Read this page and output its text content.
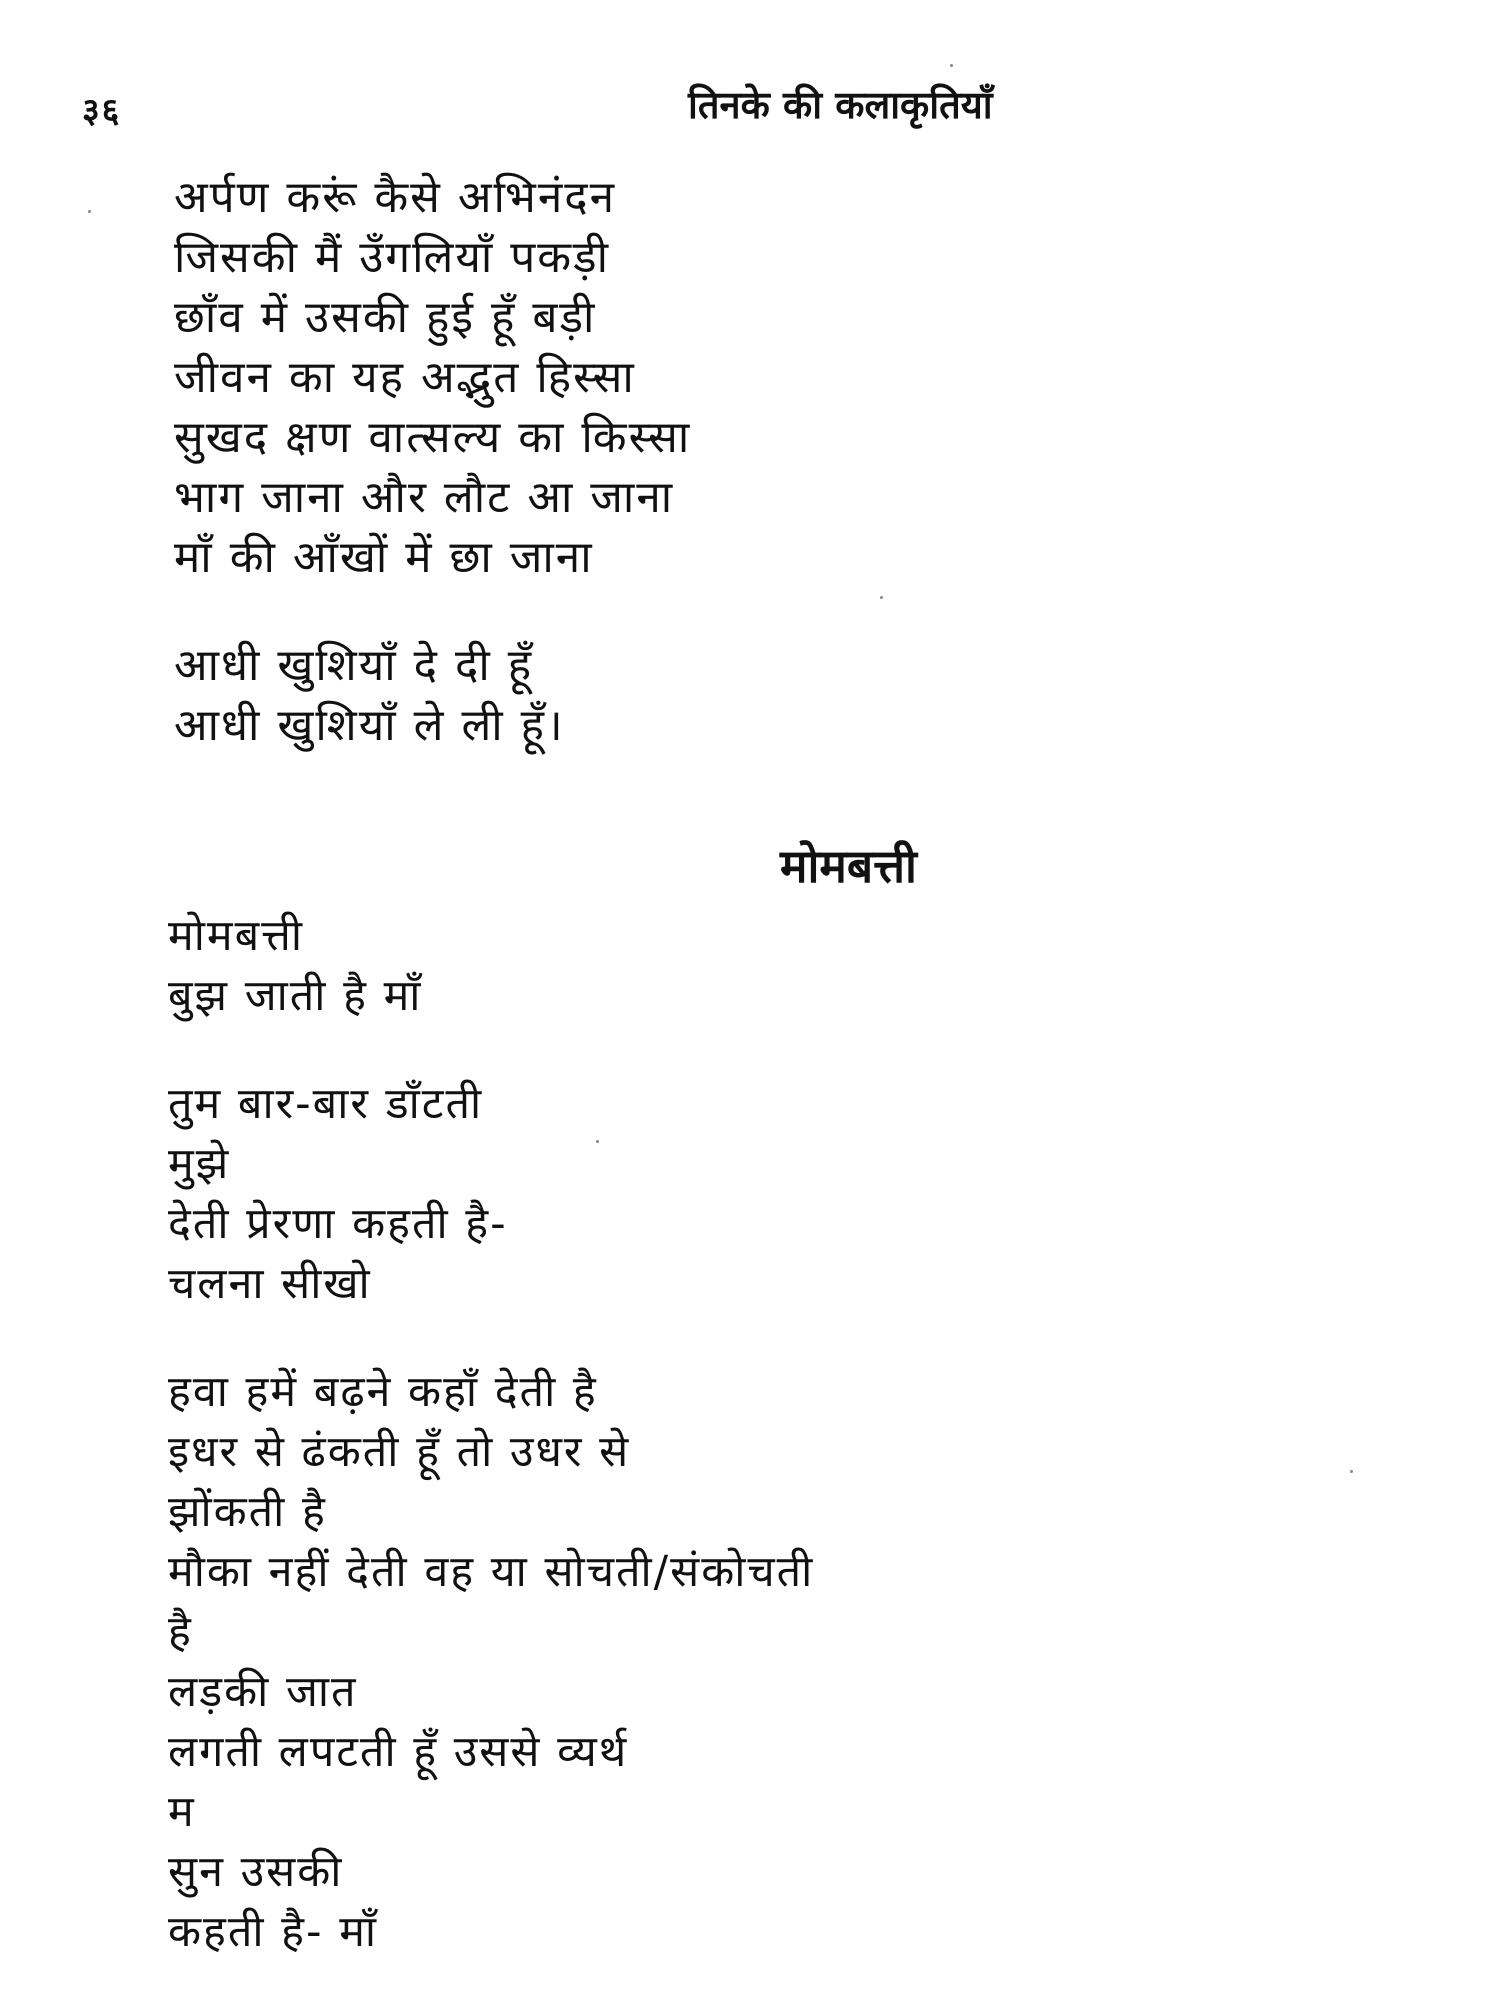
३६	तिनके की कलाकृतियाँ
अर्पण करूं कैसे अभिनंदन
जिसकी मैं उँगलियाँ पकड़ी
छाँव में उसकी हुई हूँ बड़ी
जीवन का यह अद्भुत हिस्सा
सुखद क्षण वात्सल्य का किस्सा
भाग जाना और लौट आ जाना
माँ की आँखों में छा जाना
आधी खुशियाँ दे दी हूँ
आधी खुशियाँ ले ली हूँ।
मोमबत्ती
मोमबत्ती
बुझ जाती है माँ
तुम बार-बार डाँटती
मुझे
देती प्रेरणा कहती है-
चलना सीखो
हवा हमें बढ़ने कहाँ देती है
इधर से ढंकती हूँ तो उधर से
झोंकती है
मौका नहीं देती वह या सोचती/संकोचती
है
लड़की जात
लगती लपटती हूँ उससे व्यर्थ
म
सुन उसकी
कहती है- माँ
